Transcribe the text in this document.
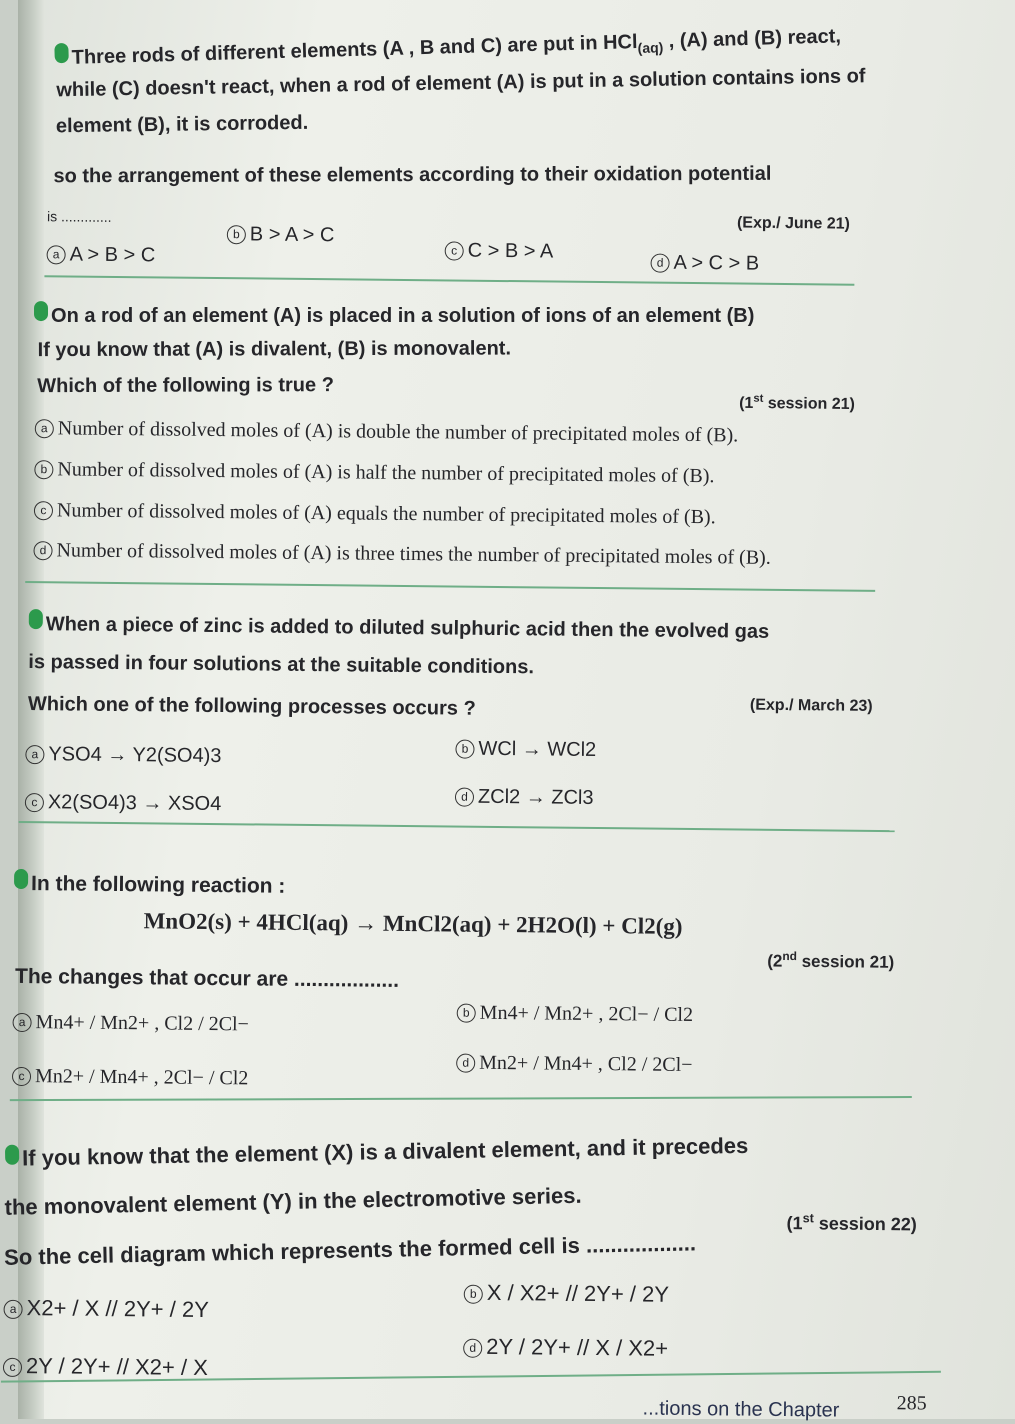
Three rods of different elements (A , B and C) are put in HCl$_{(aq)}$ , (A) and (B) react,
while (C) doesn't react, when a rod of element (A) is put in a solution contains ions of
element (B), it is corroded.
so the arrangement of these elements according to their oxidation potential
is .............	(Exp./ June 21)
a A > B > C
b B > A > C
c C > B > A
d A > C > B
On a rod of an element (A) is placed in a solution of ions of an element (B)
If you know that (A) is divalent, (B) is monovalent.
Which of the following is true ?
(1st session 21)
a Number of dissolved moles of (A) is double the number of precipitated moles of (B).
b Number of dissolved moles of (A) is half the number of precipitated moles of (B).
c Number of dissolved moles of (A) equals the number of precipitated moles of (B).
d Number of dissolved moles of (A) is three times the number of precipitated moles of (B).
When a piece of zinc is added to diluted sulphuric acid then the evolved gas
is passed in four solutions at the suitable conditions.
Which one of the following processes occurs ?	(Exp./ March 23)
a YSO4 → Y2(SO4)3	b WCl → WCl2
c X2(SO4)3 → XSO4	d ZCl2 → ZCl3
In the following reaction :
MnO2(s) + 4HCl(aq) → MnCl2(aq) + 2H2O(l) + Cl2(g)
The changes that occur are ..................
(2nd session 21)
a Mn4+ / Mn2+ , Cl2 / 2Cl−	b Mn4+ / Mn2+ , 2Cl− / Cl2
c Mn2+ / Mn4+ , 2Cl− / Cl2
d Mn2+ / Mn4+ , Cl2 / 2Cl−
If you know that the element (X) is a divalent element, and it precedes
the monovalent element (Y) in the electromotive series.
So the cell diagram which represents the formed cell is ..................
(1st session 22)
a X2+ / X // 2Y+ / 2Y
b X / X2+ // 2Y+ / 2Y
c 2Y / 2Y+ // X2+ / X
d 2Y / 2Y+ // X / X2+
...tions on the Chapter	285
